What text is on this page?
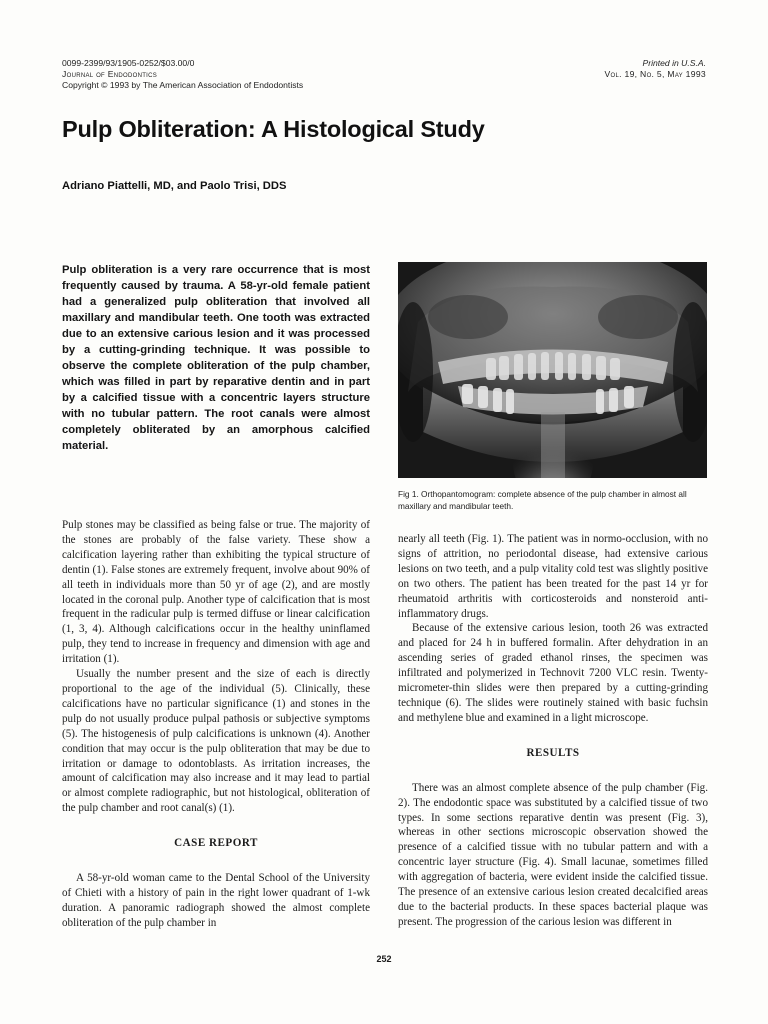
0099-2399/93/1905-0252/$03.00/0
Journal of Endodontics
Copyright © 1993 by The American Association of Endodontists
Printed in U.S.A.
Vol. 19, No. 5, May 1993
Pulp Obliteration: A Histological Study
Adriano Piattelli, MD, and Paolo Trisi, DDS

Pulp obliteration is a very rare occurrence that is most frequently caused by trauma. A 58-yr-old female patient had a generalized pulp obliteration that involved all maxillary and mandibular teeth. One tooth was extracted due to an extensive carious lesion and it was processed by a cutting-grinding technique. It was possible to observe the complete obliteration of the pulp chamber, which was filled in part by reparative dentin and in part by a calcified tissue with a concentric layers structure with no tubular pattern. The root canals were almost completely obliterated by an amorphous calcified material.

Fig 1. Orthopantomogram: complete absence of the pulp chamber in almost all maxillary and mandibular teeth.

Pulp stones may be classified as being false or true. The majority of the stones are probably of the false variety. These show a calcification layering rather than exhibiting the typical structure of dentin (1). False stones are extremely frequent, involve about 90% of all teeth in individuals more than 50 yr of age (2), and are mostly located in the coronal pulp. Another type of calcification that is most frequent in the radicular pulp is termed diffuse or linear calcification (1, 3, 4). Although calcifications occur in the healthy uninflamed pulp, they tend to increase in frequency and dimension with age and irritation (1).

Usually the number present and the size of each is directly proportional to the age of the individual (5). Clinically, these calcifications have no particular significance (1) and stones in the pulp do not usually produce pulpal pathosis or subjective symptoms (5). The histogenesis of pulp calcifications is unknown (4). Another condition that may occur is the pulp obliteration that may be due to irritation or damage to odontoblasts. As irritation increases, the amount of calcification may also increase and it may lead to partial or almost complete radiographic, but not histological, obliteration of the pulp chamber and root canal(s) (1).

CASE REPORT

A 58-yr-old woman came to the Dental School of the University of Chieti with a history of pain in the right lower quadrant of 1-wk duration. A panoramic radiograph showed the almost complete obliteration of the pulp chamber in

nearly all teeth (Fig. 1). The patient was in normo-occlusion, with no signs of attrition, no periodontal disease, had extensive carious lesions on two teeth, and a pulp vitality cold test was slightly positive on two others. The patient has been treated for the past 14 yr for rheumatoid arthritis with corticosteroids and nonsteroid anti-inflammatory drugs.

Because of the extensive carious lesion, tooth 26 was extracted and placed for 24 h in buffered formalin. After dehydration in an ascending series of graded ethanol rinses, the specimen was infiltrated and polymerized in Technovit 7200 VLC resin. Twenty-micrometer-thin slides were then prepared by a cutting-grinding technique (6). The slides were routinely stained with basic fuchsin and methylene blue and examined in a light microscope.

RESULTS

There was an almost complete absence of the pulp chamber (Fig. 2). The endodontic space was substituted by a calcified tissue of two types. In some sections reparative dentin was present (Fig. 3), whereas in other sections microscopic observation showed the presence of a calcified tissue with no tubular pattern and with a concentric layer structure (Fig. 4). Small lacunae, sometimes filled with aggregation of bacteria, were evident inside the calcified tissue. The presence of an extensive carious lesion created decalcified areas due to the bacterial products. In these spaces bacterial plaque was present. The progression of the carious lesion was different in

252
